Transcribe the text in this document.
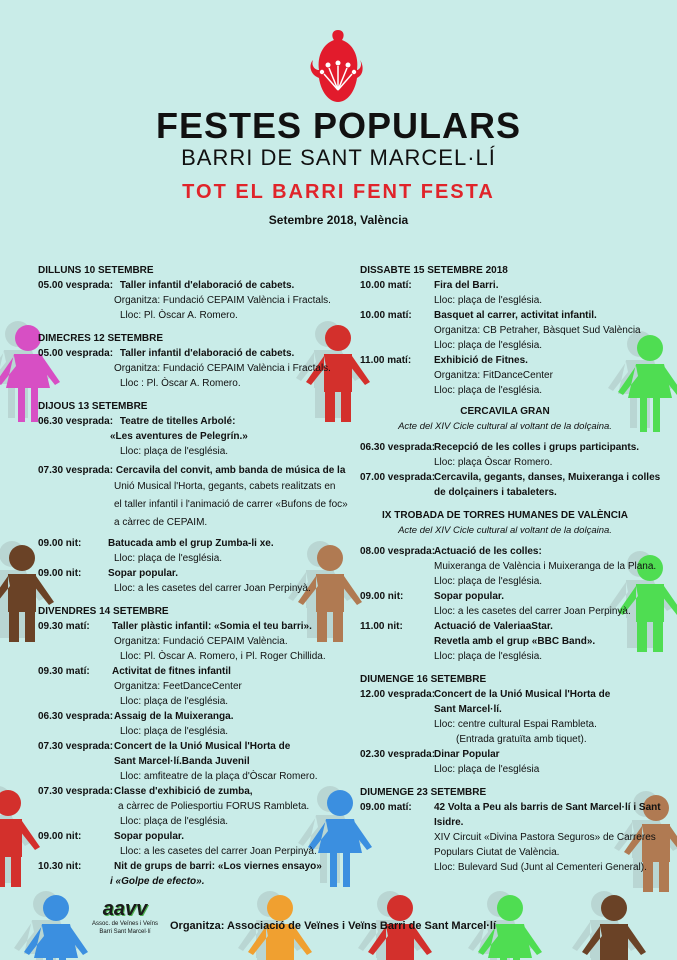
FESTES POPULARS
BARRI DE SANT MARCEL·LÍ
TOT EL BARRI FENT FESTA
Setembre 2018, València
DILLUNS 10 SETEMBRE
05.00 vesprada: Taller infantil d'elaboració de cabets.
Organitza: Fundació CEPAIM València i Fractals.
Lloc: Pl. Òscar A. Romero.
DIMECRES 12 SETEMBRE
05.00 vesprada: Taller infantil d'elaboració de cabets.
Organitza: Fundació CEPAIM València i Fractals.
Lloc : Pl. Òscar A. Romero.
DIJOUS 13 SETEMBRE
06.30 vesprada: Teatre de titelles Arbolé:
«Les aventures de Pelegrín.»
Lloc: plaça de l'església.
07.30 vesprada: Cercavila del convit, amb banda de música de la
Unió Musical l'Horta, gegants, cabets realitzats en
el taller infantil i l'animació de carrer «Bufons de foc»
a càrrec de CEPAIM.
09.00 nit:	Batucada amb el grup Zumba-li xe.
Lloc: plaça de l'església.
09.00 nit:	Sopar popular.
Lloc: a les casetes del carrer Joan Perpinyà.
DIVENDRES 14 SETEMBRE
09.30 matí: Taller plàstic infantil: «Somia el teu barri».
Organitza: Fundació CEPAIM València.
Lloc: Pl. Òscar A. Romero, i Pl. Roger Chillida.
09.30 matí: Activitat de fitnes infantil
Organitza: FeetDanceCenter
Lloc: plaça de l'església.
06.30 vesprada:Assaig de la Muixeranga.
Lloc: plaça de l'església.
07.30 vesprada:Concert de la Unió Musical l'Horta de
Sant Marcel·lí.Banda Juvenil
Lloc: amfiteatre de la plaça d'Òscar Romero.
07.30 vesprada:Classe d'exhibició de zumba,
a càrrec de Poliesportiu FORUS Rambleta.
Lloc: plaça de l'església.
09.00 nit:	Sopar popular.
Lloc: a les casetes del carrer Joan Perpinyà.
10.30 nit:	Nit de grups de barri: «Los viernes ensayo»
i «Golpe de efecto».
DISSABTE 15 SETEMBRE 2018
10.00 matí: Fira del Barri.
Lloc: plaça de l'església.
10.00 matí: Basquet al carrer, activitat infantil.
Organitza: CB Petraher, Bàsquet Sud València
Lloc: plaça de l'església.
11.00 matí: Exhibició de Fitnes.
Organitza: FitDanceCenter
Lloc: plaça de l'església.
CERCAVILA GRAN
Acte del XIV Cicle cultural al voltant de la dolçaina.
06.30 vesprada:Recepció de les colles i grups participants.
Lloc: plaça Òscar Romero.
07.00 vesprada:Cercavila, gegants, danses, Muixeranga i colles
de dolçainers i tabaleters.
IX TROBADA DE TORRES HUMANES DE VALÈNCIA
Acte del XIV Cicle cultural al voltant de la dolçaina.
08.00 vesprada:Actuació de les colles:
Muixeranga de València i Muixeranga de la Plana.
Lloc: plaça de l'església.
09.00 nit:	Sopar popular.
Lloc: a les casetes del carrer Joan Perpinyà.
11.00 nit:	Actuació de ValeriaaStar.
Revetla amb el grup «BBC Band».
Lloc: plaça de l'església.
DIUMENGE 16 SETEMBRE
12.00 vesprada:Concert de la Unió Musical l'Horta de
Sant Marcel·lí.
Lloc: centre cultural Espai Rambleta.
(Entrada gratuïta amb tiquet).
02.30 vesprada:Dinar Popular
Lloc: plaça de l'església
DIUMENGE 23 SETEMBRE
09.00 matí: 42 Volta a Peu als barris de Sant Marcel·lí i Sant
Isidre.
XIV Circuit «Divina Pastora Seguros» de Carreres
Populars Ciutat de València.
Lloc: Bulevard Sud (Junt al Cementeri General).
aavv
Assoc. de Veïnes i Veïns
Barri Sant Marcel·lí	Organitza: Associació de Veïnes i Veïns Barri de Sant Marcel·lí
